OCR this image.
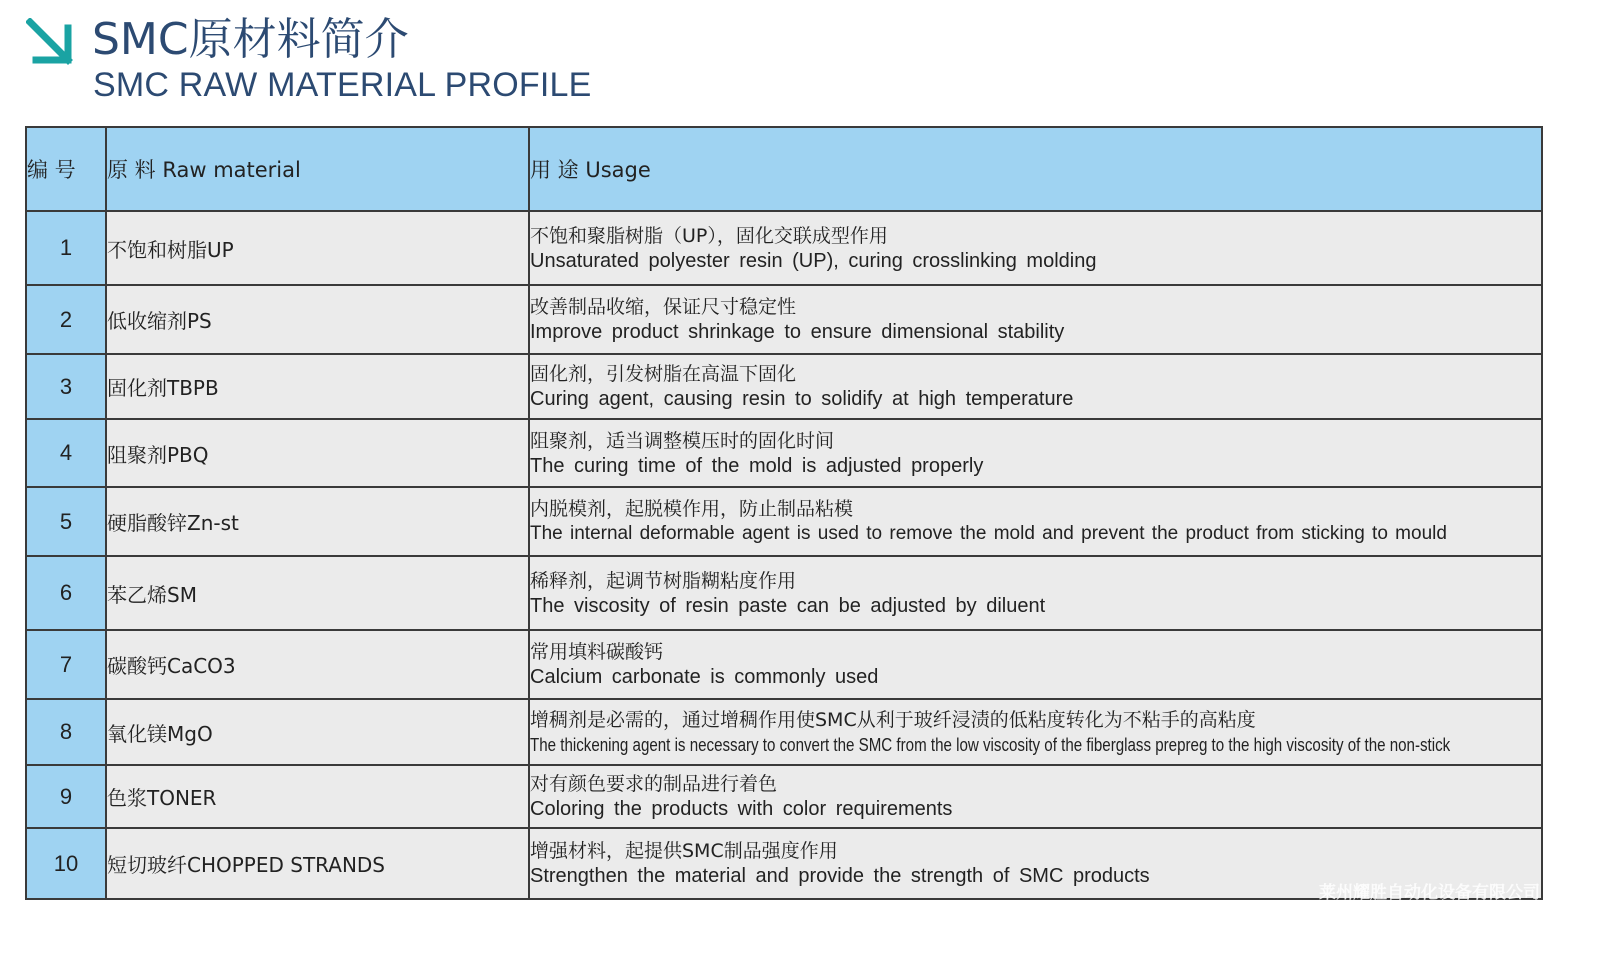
SMC原材料简介
SMC RAW MATERIAL PROFILE
编 号	原 料 Raw material	用 途 Usage
1	不饱和树脂UP	不饱和聚脂树脂（UP），固化交联成型作用
Unsaturated polyester resin (UP), curing crosslinking molding

2	低收缩剂PS	改善制品收缩，保证尺寸稳定性
Improve product shrinkage to ensure dimensional stability

3	固化剂TBPB	固化剂，引发树脂在高温下固化
Curing agent, causing resin to solidify at high temperature

4	阻聚剂PBQ	阻聚剂，适当调整模压时的固化时间
The curing time of the mold is adjusted properly

5	硬脂酸锌Zn-st	内脱模剂，起脱模作用，防止制品粘模
The internal deformable agent is used to remove the mold and prevent the product from sticking to mould

6	苯乙烯SM	稀释剂，起调节树脂糊粘度作用
The viscosity of resin paste can be adjusted by diluent

7	碳酸钙CaCO3	常用填料碳酸钙
Calcium carbonate is commonly used

8	氧化镁MgO	增稠剂是必需的，通过增稠作用使SMC从利于玻纤浸渍的低粘度转化为不粘手的高粘度
The thickening agent is necessary to convert the SMC from the low viscosity of the fiberglass prepreg to the high viscosity of the non-stick
9	色浆TONER	对有颜色要求的制品进行着色
Coloring the products with color requirements

10	短切玻纤CHOPPED STRANDS	增强材料，起提供SMC制品强度作用
Strengthen the material and provide the strength of SMC products
莱州耀胜自动化设备有限公司
